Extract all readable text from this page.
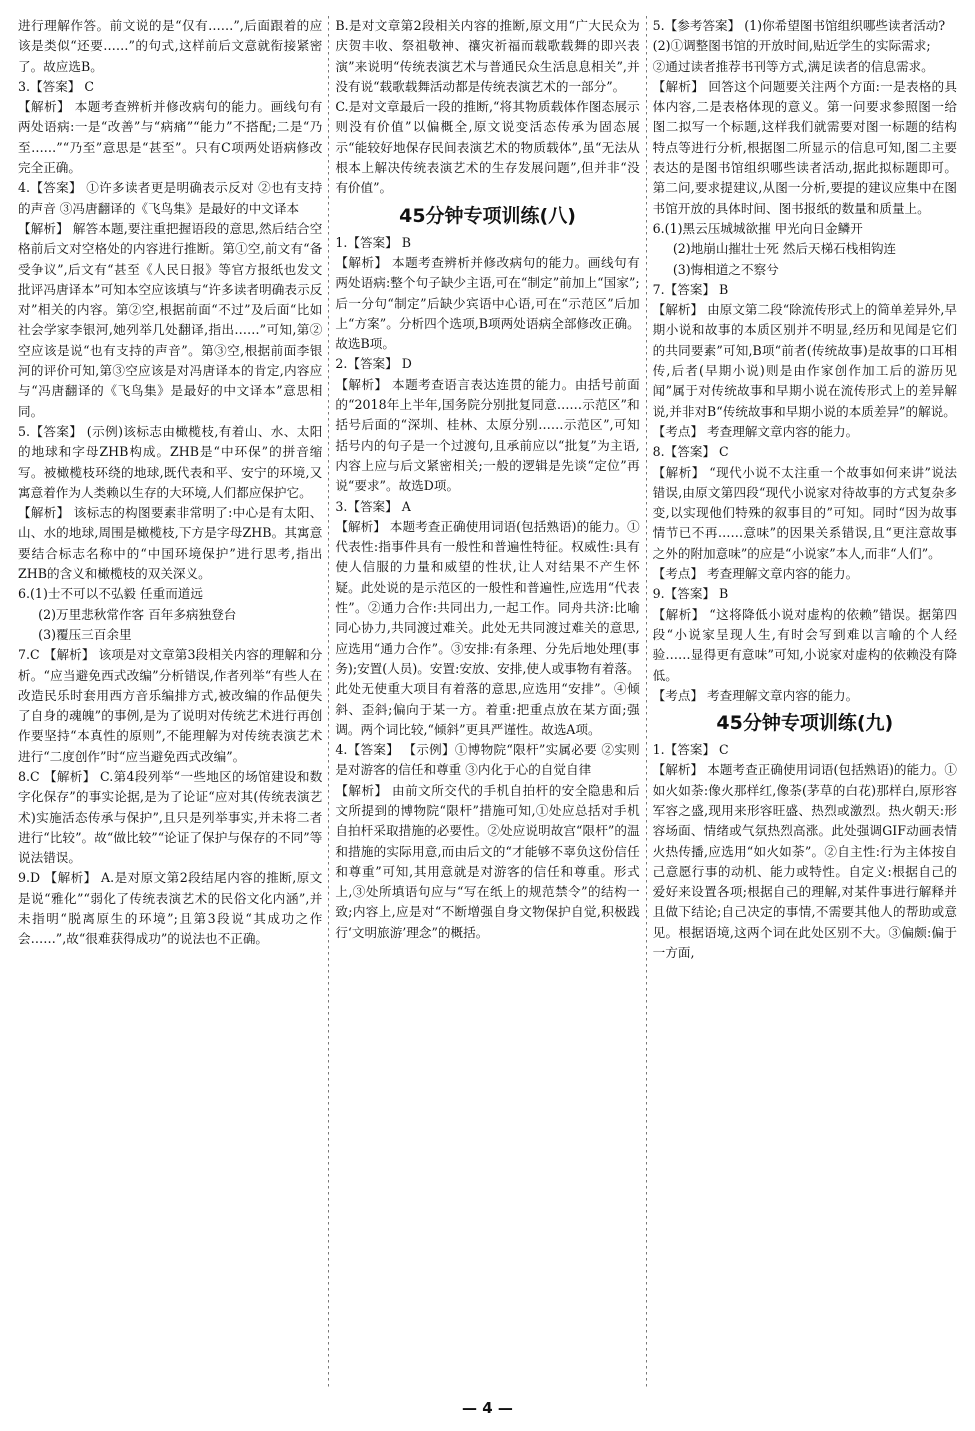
进行理解作答。前文说的是“仅有……”,后面跟着的应该是类似“还要……”的句式,这样前后文意就衔接紧密了。故应选B。

3.【答案】 C

【解析】 本题考查辨析并修改病句的能力。画线句有两处语病:一是“改善”与“病痛”“能力”不搭配;二是“乃至……”“乃至”意思是“甚至”。只有C项两处语病修改完全正确。

4.【答案】 ①许多读者更是明确表示反对 ②也有支持的声音 ③冯唐翻译的《飞鸟集》是最好的中文译本

【解析】 解答本题,要注重把握语段的意思,然后结合空格前后文对空格处的内容进行推断。第①空,前文有“备受争议”,后文有“甚至《人民日报》等官方报纸也发文批评冯唐译本”可知本空应该填与“许多读者明确表示反对”相关的内容。第②空,根据前面“不过”及后面“比如社会学家李银河,她列举几处翻译,指出……”可知,第②空应该是说“也有支持的声音”。第③空,根据前面李银河的评价可知,第③空应该是对冯唐译本的肯定,内容应与“冯唐翻译的《飞鸟集》是最好的中文译本”意思相同。

5.【答案】 (示例)该标志由橄榄枝,有着山、水、太阳的地球和字母ZHB构成。ZHB是“中环保”的拼音缩写。被橄榄枝环绕的地球,既代表和平、安宁的环境,又寓意着作为人类赖以生存的大环境,人们都应保护它。

【解析】 该标志的构图要素非常明了:中心是有太阳、山、水的地球,周围是橄榄枝,下方是字母ZHB。其寓意要结合标志名称中的“中国环境保护”进行思考,指出ZHB的含义和橄榄枝的双关深义。

6.(1)士不可以不弘毅 任重而道远

(2)万里悲秋常作客 百年多病独登台

(3)覆压三百余里

7.C 【解析】 该项是对文章第3段相关内容的理解和分析。“应当避免西式改编”分析错误,作者列举“有些人在改造民乐时套用西方音乐编排方式,被改编的作品便失了自身的魂魄”的事例,是为了说明对传统艺术进行再创作要坚持“本真性的原则”,不能理解为对传统表演艺术进行“二度创作”时“应当避免西式改编”。

8.C 【解析】 C.第4段列举“一些地区的场馆建设和数字化保存”的事实论据,是为了论证“应对其(传统表演艺术)实施活态传承与保护”,且只是列举事实,并未将二者进行“比较”。故“做比较”“论证了保护与保存的不同”等说法错误。

9.D 【解析】 A.是对原文第2段结尾内容的推断,原文是说“雅化”“弱化了传统表演艺术的民俗文化内涵”,并未指明“脱离原生的环境”;且第3段说“其成功之作会……”,故“很难获得成功”的说法也不正确。

B.是对文章第2段相关内容的推断,原文用“广大民众为庆贺丰收、祭祖敬神、禳灾祈福而载歌载舞的即兴表演”来说明“传统表演艺术与普通民众生活息息相关”,并没有说“载歌载舞活动都是传统表演艺术的一部分”。

C.是对文章最后一段的推断,“将其物质载体作图态展示则没有价值”以偏概全,原文说变活态传承为固态展示“能较好地保存民间表演艺术的物质载体”,虽“无法从根本上解决传统表演艺术的生存发展问题”,但并非“没有价值”。

45分钟专项训练(八)

1.【答案】 B

【解析】 本题考查辨析并修改病句的能力。画线句有两处语病:整个句子缺少主语,可在“制定”前加上“国家”;后一分句“制定”后缺少宾语中心语,可在“示范区”后加上“方案”。分析四个选项,B项两处语病全部修改正确。故选B项。

2.【答案】 D

【解析】 本题考查语言表达连贯的能力。由括号前面的“2018年上半年,国务院分别批复同意……示范区”和括号后面的“深圳、桂林、太原分别……示范区”,可知括号内的句子是一个过渡句,且承前应以“批复”为主语,内容上应与后文紧密相关;一般的逻辑是先谈“定位”再说“要求”。故选D项。

3.【答案】 A

【解析】 本题考查正确使用词语(包括熟语)的能力。①代表性:指事件具有一般性和普遍性特征。权威性:具有使人信服的力量和威望的性状,让人对结果不产生怀疑。此处说的是示范区的一般性和普遍性,应选用“代表性”。②通力合作:共同出力,一起工作。同舟共济:比喻同心协力,共同渡过难关。此处无共同渡过难关的意思,应选用“通力合作”。③安排:有条理、分先后地处理(事务);安置(人员)。安置:安放、安排,使人或事物有着落。此处无使重大项目有着落的意思,应选用“安排”。④倾斜、歪斜;偏向于某一方。着重:把重点放在某方面;强调。两个词比较,“倾斜”更具严谨性。故选A项。

4.【答案】 【示例】①博物院“限杆”实属必要 ②实则是对游客的信任和尊重 ③内化于心的自觉自律

【解析】 由前文所交代的手机自拍杆的安全隐患和后文所提到的博物院“限杆”措施可知,①处应总括对手机自拍杆采取措施的必要性。②处应说明故宫“限杆”的温和措施的实际用意,而由后文的“才能够不辜负这份信任和尊重”可知,其用意就是对游客的信任和尊重。形式上,③处所填语句应与“写在纸上的规范禁令”的结构一致;内容上,应是对“不断增强自身文物保护自觉,积极践行‘文明旅游’理念”的概括。

5.【参考答案】 (1)你希望图书馆组织哪些读者活动?

(2)①调整图书馆的开放时间,贴近学生的实际需求;

②通过读者推荐书刊等方式,满足读者的信息需求。

【解析】 回答这个问题要关注两个方面:一是表格的具体内容,二是表格体现的意义。第一问要求参照图一给图二拟写一个标题,这样我们就需要对图一标题的结构特点等进行分析,根据图二所显示的信息可知,图二主要表达的是图书馆组织哪些读者活动,据此拟标题即可。第二问,要求提建议,从图一分析,要提的建议应集中在图书馆开放的具体时间、图书报纸的数量和质量上。

6.(1)黑云压城城欲摧 甲光向日金鳞开

(2)地崩山摧壮士死 然后天梯石栈相钩连

(3)悔相道之不察兮

7.【答案】 B

【解析】 由原文第二段“除流传形式上的简单差异外,早期小说和故事的本质区别并不明显,经历和见闻是它们的共同要素”可知,B项“前者(传统故事)是故事的口耳相传,后者(早期小说)则是由作家创作加工后的游历见闻”属于对传统故事和早期小说在流传形式上的差异解说,并非对B“传统故事和早期小说的本质差异”的解说。

【考点】 考查理解文章内容的能力。

8.【答案】 C

【解析】 “现代小说不太注重一个故事如何来讲”说法错误,由原文第四段“现代小说家对待故事的方式复杂多变,以实现他们特殊的叙事目的”可知。同时“因为故事情节已不再……意味”的因果关系错误,且“更注意故事之外的附加意味”的应是“小说家”本人,而非“人们”。

【考点】 考查理解文章内容的能力。

9.【答案】 B

【解析】 “这将降低小说对虚构的依赖”错误。据第四段“小说家呈现人生,有时会写到难以言喻的个人经验……显得更有意味”可知,小说家对虚构的依赖没有降低。

【考点】 考查理解文章内容的能力。

45分钟专项训练(九)

1.【答案】 C

【解析】 本题考查正确使用词语(包括熟语)的能力。①如火如荼:像火那样红,像荼(茅草的白花)那样白,原形容军容之盛,现用来形容旺盛、热烈或激烈。热火朝天:形容场面、情绪或气氛热烈高涨。此处强调GIF动画表情火热传播,应选用“如火如荼”。②自主性:行为主体按自己意愿行事的动机、能力或特性。自定义:根据自己的爱好来设置各项;根据自己的理解,对某件事进行解释并且做下结论;自己决定的事情,不需要其他人的帮助或意见。根据语境,这两个词在此处区别不大。③偏颇:偏于一方面,

— 4 —
